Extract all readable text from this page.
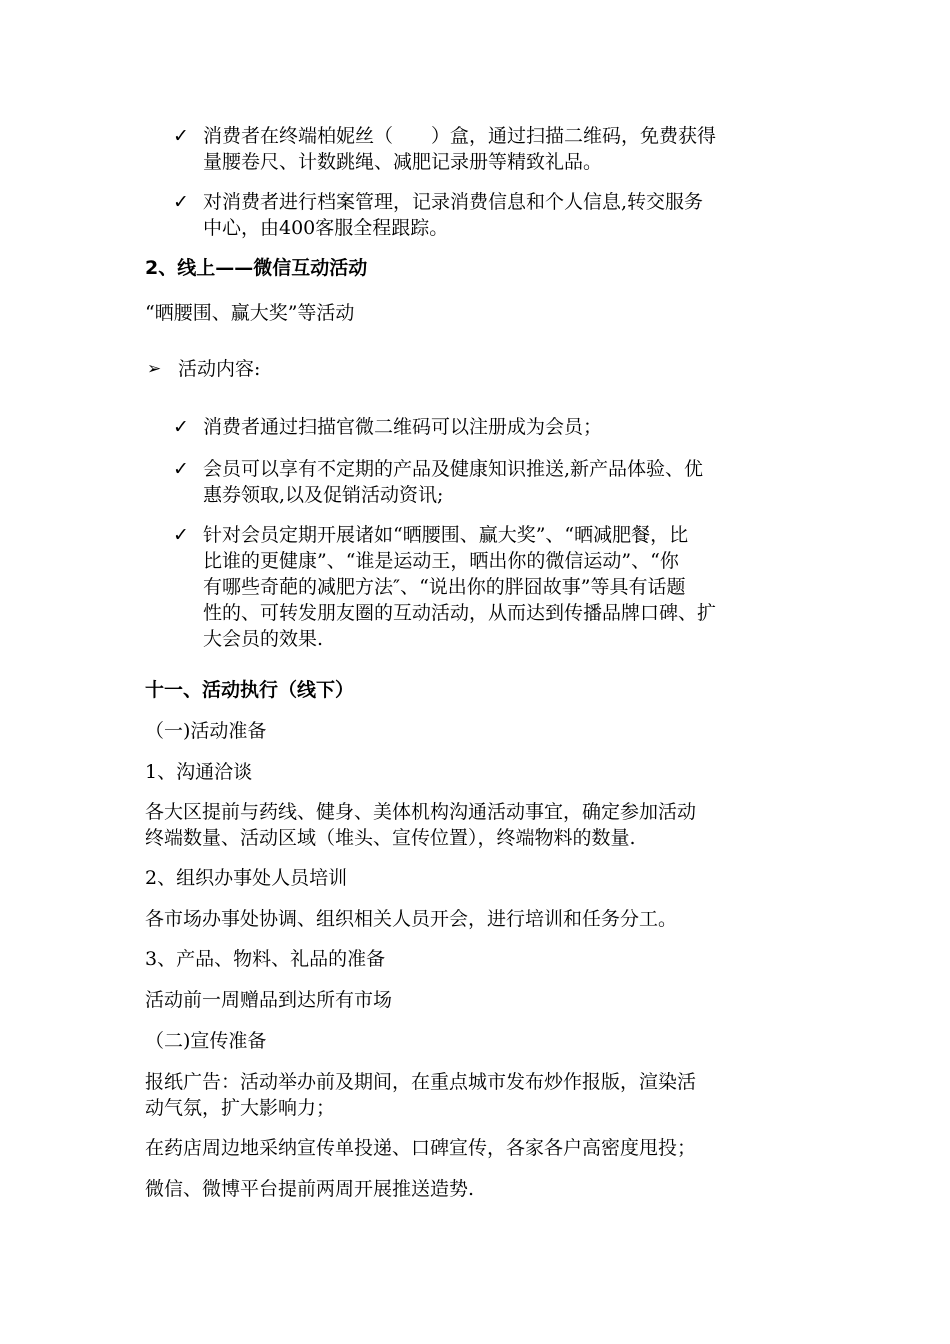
✓ 消费者在终端柏妮丝（　　）盒，通过扫描二维码，免费获得
量腰卷尺、计数跳绳、减肥记录册等精致礼品。
✓ 对消费者进行档案管理，记录消费信息和个人信息,转交服务
中心，由400客服全程跟踪。
2、线上——微信互动活动
“晒腰围、赢大奖”等活动
➢ 活动内容:
✓ 消费者通过扫描官微二维码可以注册成为会员；
✓ 会员可以享有不定期的产品及健康知识推送,新产品体验、优
惠券领取,以及促销活动资讯;
✓ 针对会员定期开展诸如“晒腰围、赢大奖”、“晒减肥餐，比
比谁的更健康”、“谁是运动王，晒出你的微信运动”、“你
有哪些奇葩的减肥方法″、“说出你的胖囧故事”等具有话题
性的、可转发朋友圈的互动活动，从而达到传播品牌口碑、扩
大会员的效果.
十一、活动执行（线下）
（一)活动准备
1、沟通洽谈
各大区提前与药线、健身、美体机构沟通活动事宜，确定参加活动
终端数量、活动区域（堆头、宣传位置），终端物料的数量.
2、组织办事处人员培训
各市场办事处协调、组织相关人员开会，进行培训和任务分工。
3、产品、物料、礼品的准备
活动前一周赠品到达所有市场
（二)宣传准备
报纸广告：活动举办前及期间，在重点城市发布炒作报版，渲染活
动气氛，扩大影响力；
在药店周边地采纳宣传单投递、口碑宣传，各家各户高密度甩投；
微信、微博平台提前两周开展推送造势.
